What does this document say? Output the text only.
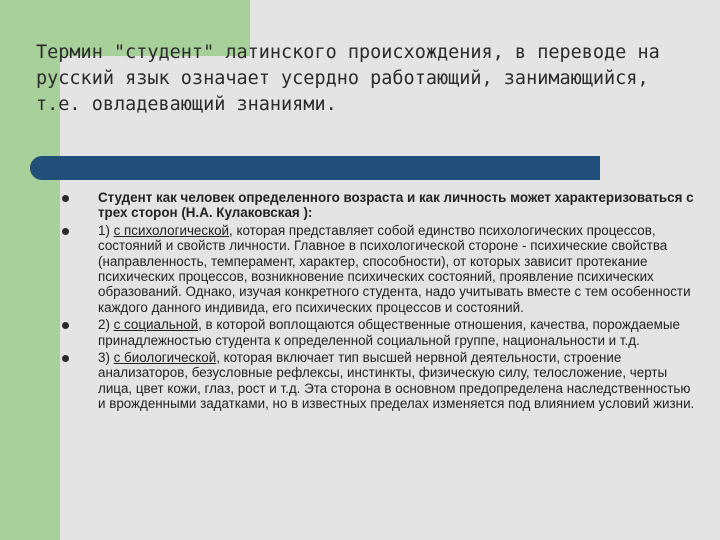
Термин "студент" латинского происхождения, в переводе на русский язык означает усердно работающий, занимающийся, т.е. овладевающий знаниями.
Студент как человек определенного возраста и как личность может характеризоваться с трех сторон (Н.А. Кулаковская ):
1) с психологической, которая представляет собой единство психологических процессов, состояний и свойств личности. Главное в психологической стороне - психические свойства (направленность, темперамент, характер, способности), от которых зависит протекание психических процессов, возникновение психических состояний, проявление психических образований. Однако, изучая конкретного студента, надо учитывать вместе с тем особенности каждого данного индивида, его психических процессов и состояний.
2) с социальной, в которой воплощаются общественные отношения, качества, порождаемые принадлежностью студента к определенной социальной группе, национальности и т.д.
3) с биологической, которая включает тип высшей нервной деятельности, строение анализаторов, безусловные рефлексы, инстинкты, физическую силу, телосложение, черты лица, цвет кожи, глаз, рост и т.д. Эта сторона в основном предопределена наследственностью и врожденными задатками, но в известных пределах изменяется под влиянием условий жизни.
